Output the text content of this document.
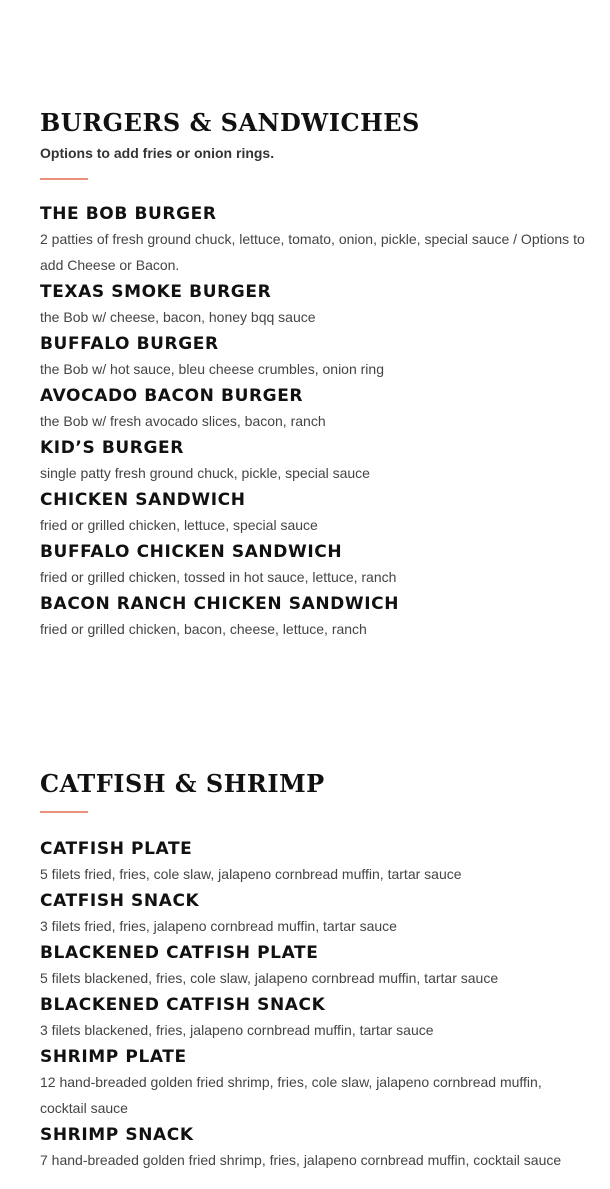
BURGERS & SANDWICHES

Options to add fries or onion rings.

THE BOB BURGER

2 patties of fresh ground chuck, lettuce, tomato, onion, pickle, special sauce / Options to add Cheese or Bacon.

TEXAS SMOKE BURGER

the Bob w/ cheese, bacon, honey bqq sauce

BUFFALO BURGER

the Bob w/ hot sauce, bleu cheese crumbles, onion ring

AVOCADO BACON BURGER

the Bob w/ fresh avocado slices, bacon, ranch

KID’S BURGER

single patty fresh ground chuck, pickle, special sauce

CHICKEN SANDWICH

fried or grilled chicken, lettuce, special sauce

BUFFALO CHICKEN SANDWICH

fried or grilled chicken, tossed in hot sauce, lettuce, ranch

BACON RANCH CHICKEN SANDWICH

fried or grilled chicken, bacon, cheese, lettuce, ranch

CATFISH & SHRIMP
CATFISH PLATE

5 filets fried, fries, cole slaw, jalapeno cornbread muffin, tartar sauce

CATFISH SNACK

3 filets fried, fries, jalapeno cornbread muffin, tartar sauce

BLACKENED CATFISH PLATE

5 filets blackened, fries, cole slaw, jalapeno cornbread muffin, tartar sauce

BLACKENED CATFISH SNACK

3 filets blackened, fries, jalapeno cornbread muffin, tartar sauce

SHRIMP PLATE

12 hand-breaded golden fried shrimp, fries, cole slaw, jalapeno cornbread muffin, cocktail sauce

SHRIMP SNACK

7 hand-breaded golden fried shrimp, fries, jalapeno cornbread muffin, cocktail sauce
